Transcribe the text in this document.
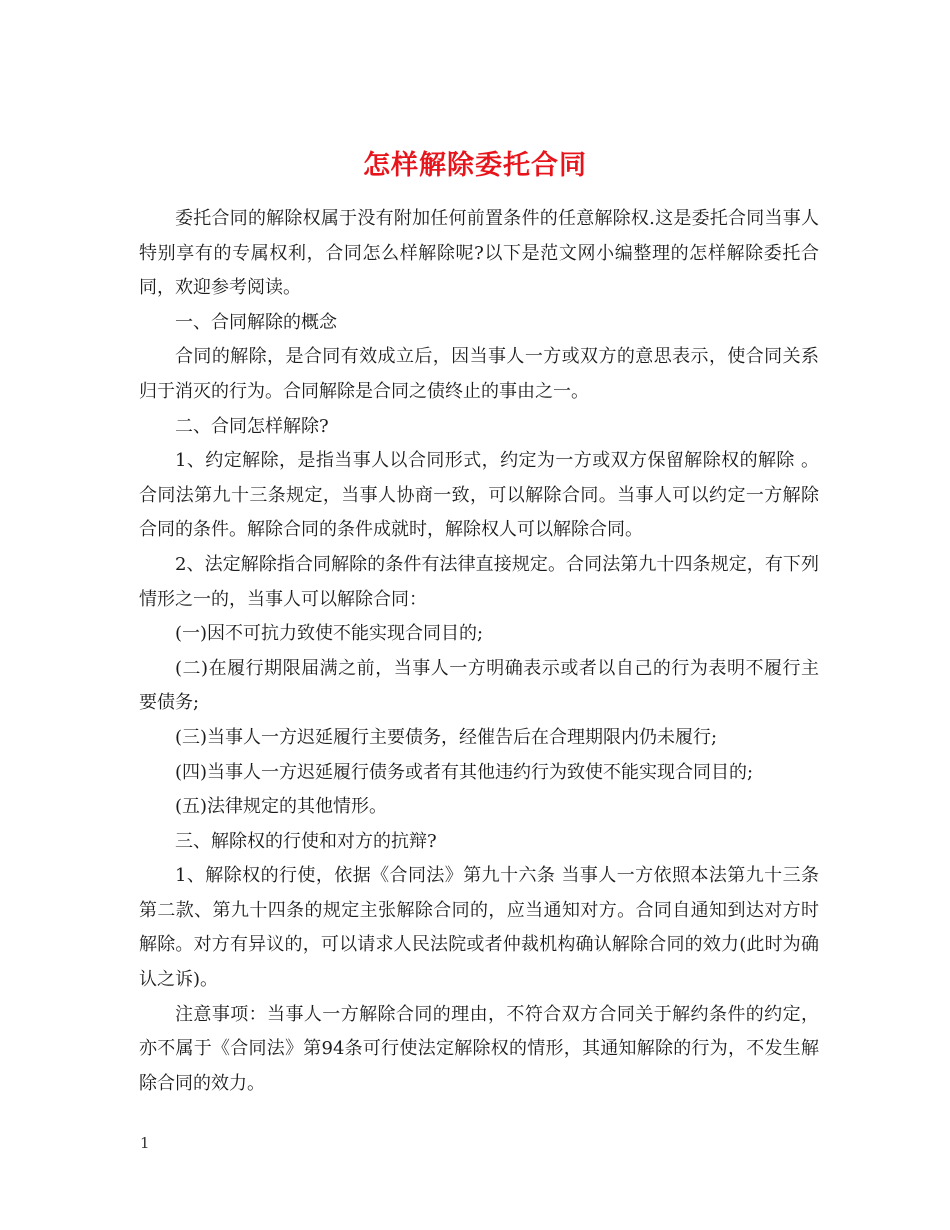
怎样解除委托合同

委托合同的解除权属于没有附加任何前置条件的任意解除权.这是委托合同当事人特别享有的专属权利，合同怎么样解除呢?以下是范文网小编整理的怎样解除委托合同，欢迎参考阅读。

一、合同解除的概念

合同的解除，是合同有效成立后，因当事人一方或双方的意思表示，使合同关系归于消灭的行为。合同解除是合同之债终止的事由之一。

二、合同怎样解除?

1、约定解除，是指当事人以合同形式，约定为一方或双方保留解除权的解除 。合同法第九十三条规定，当事人协商一致，可以解除合同。当事人可以约定一方解除合同的条件。解除合同的条件成就时，解除权人可以解除合同。

2、法定解除指合同解除的条件有法律直接规定。合同法第九十四条规定，有下列情形之一的，当事人可以解除合同：

(一)因不可抗力致使不能实现合同目的;

(二)在履行期限届满之前，当事人一方明确表示或者以自己的行为表明不履行主要债务;

(三)当事人一方迟延履行主要债务，经催告后在合理期限内仍未履行;

(四)当事人一方迟延履行债务或者有其他违约行为致使不能实现合同目的;

(五)法律规定的其他情形。

三、解除权的行使和对方的抗辩?

1、解除权的行使，依据《合同法》第九十六条 当事人一方依照本法第九十三条第二款、第九十四条的规定主张解除合同的，应当通知对方。合同自通知到达对方时解除。对方有异议的，可以请求人民法院或者仲裁机构确认解除合同的效力(此时为确认之诉)。

注意事项：当事人一方解除合同的理由，不符合双方合同关于解约条件的约定，亦不属于《合同法》第94条可行使法定解除权的情形，其通知解除的行为，不发生解除合同的效力。

1
